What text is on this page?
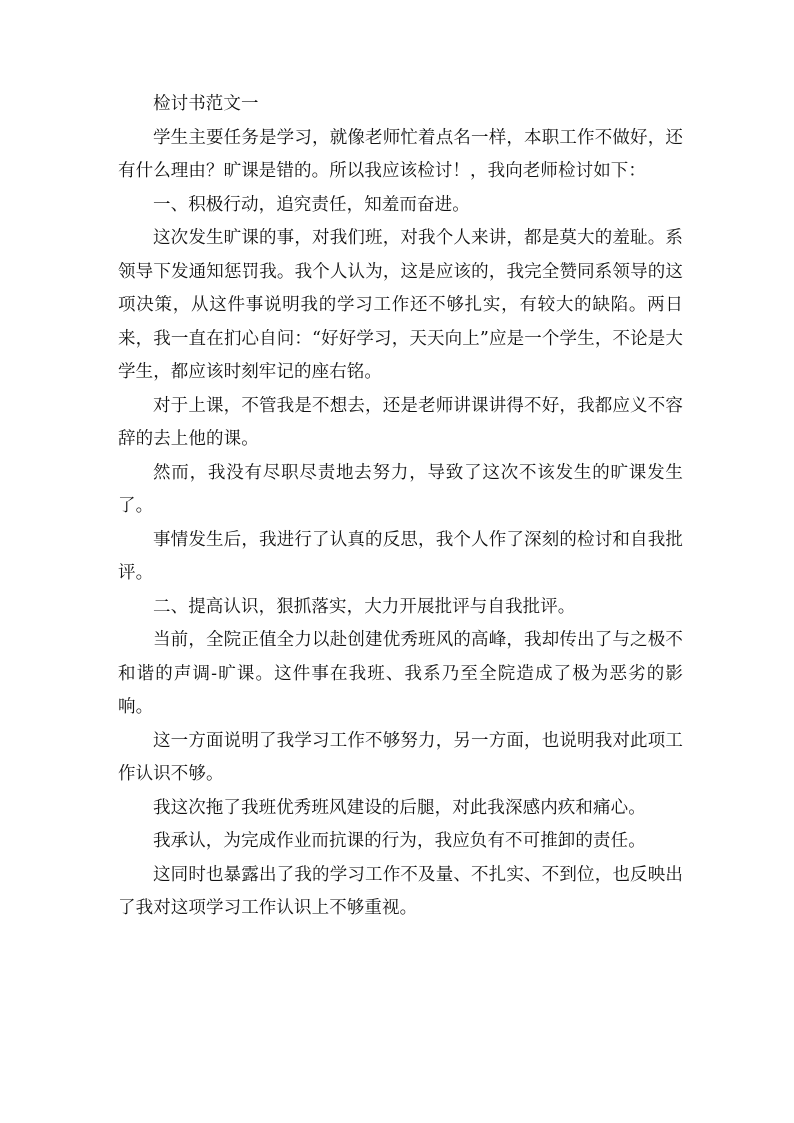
检讨书范文一

学生主要任务是学习，就像老师忙着点名一样，本职工作不做好，还有什么理由？旷课是错的。所以我应该检讨！，我向老师检讨如下：

一、积极行动，追究责任，知羞而奋进。

这次发生旷课的事，对我们班，对我个人来讲，都是莫大的羞耻。系领导下发通知惩罚我。我个人认为，这是应该的，我完全赞同系领导的这项决策，从这件事说明我的学习工作还不够扎实，有较大的缺陷。两日来，我一直在扪心自问：“好好学习，天天向上”应是一个学生，不论是大学生，都应该时刻牢记的座右铭。

对于上课，不管我是不想去，还是老师讲课讲得不好，我都应义不容辞的去上他的课。

然而，我没有尽职尽责地去努力，导致了这次不该发生的旷课发生了。

事情发生后，我进行了认真的反思，我个人作了深刻的检讨和自我批评。

二、提高认识，狠抓落实，大力开展批评与自我批评。

当前，全院正值全力以赴创建优秀班风的高峰，我却传出了与之极不和谐的声调-旷课。这件事在我班、我系乃至全院造成了极为恶劣的影响。

这一方面说明了我学习工作不够努力，另一方面，也说明我对此项工作认识不够。

我这次拖了我班优秀班风建设的后腿，对此我深感内疚和痛心。

我承认，为完成作业而抗课的行为，我应负有不可推卸的责任。

这同时也暴露出了我的学习工作不及量、不扎实、不到位，也反映出了我对这项学习工作认识上不够重视。
